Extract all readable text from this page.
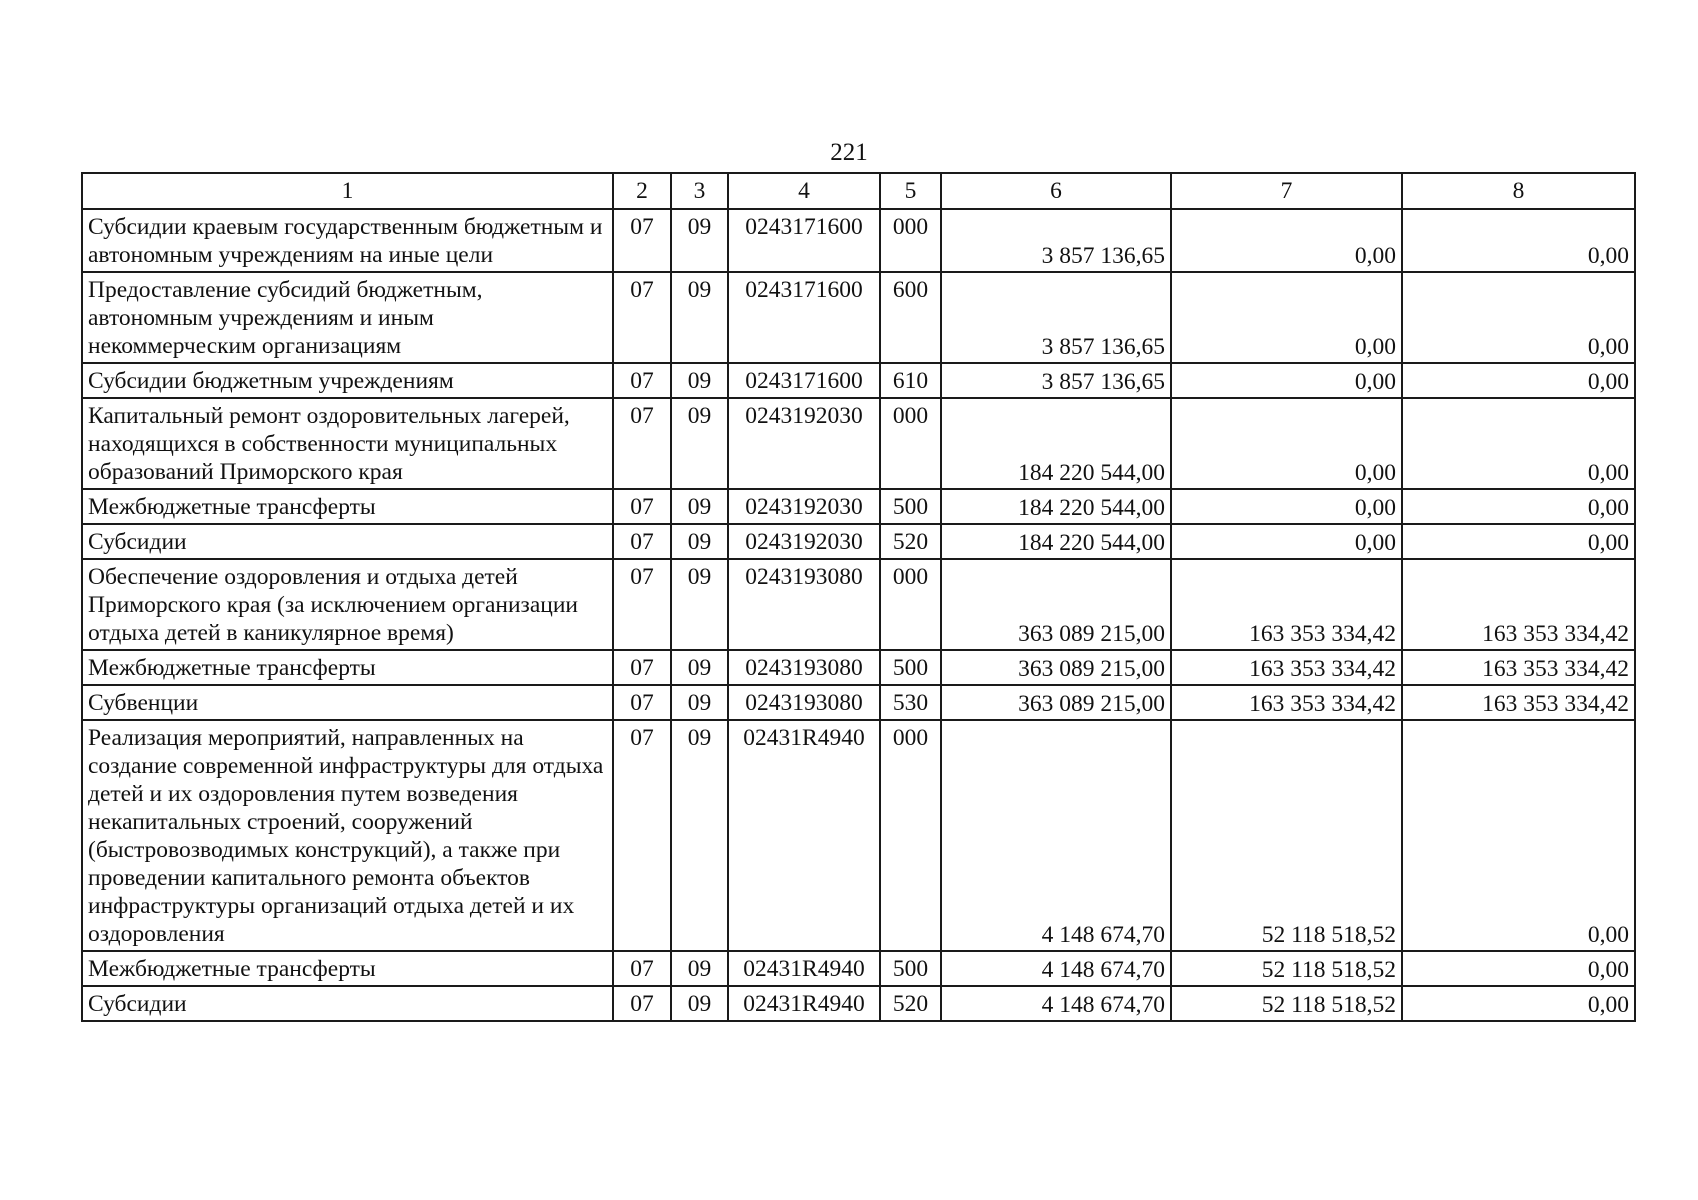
221
1	2	3	4	5	6	7	8
Субсидии краевым государственным бюджетным и автономным учреждениям на иные цели	07	09	0243171600	000	3 857 136,65	0,00	0,00
Предоставление субсидий бюджетным, автономным учреждениям и иным некоммерческим организациям	07	09	0243171600	600	3 857 136,65	0,00	0,00
Субсидии бюджетным учреждениям	07	09	0243171600	610	3 857 136,65	0,00	0,00
Капитальный ремонт оздоровительных лагерей, находящихся в собственности муниципальных образований Приморского края	07	09	0243192030	000	184 220 544,00	0,00	0,00
Межбюджетные трансферты	07	09	0243192030	500	184 220 544,00	0,00	0,00
Субсидии	07	09	0243192030	520	184 220 544,00	0,00	0,00
Обеспечение оздоровления и отдыха детей Приморского края (за исключением организации отдыха детей в каникулярное время)	07	09	0243193080	000	363 089 215,00	163 353 334,42	163 353 334,42
Межбюджетные трансферты	07	09	0243193080	500	363 089 215,00	163 353 334,42	163 353 334,42
Субвенции	07	09	0243193080	530	363 089 215,00	163 353 334,42	163 353 334,42
Реализация мероприятий, направленных на создание современной инфраструктуры для отдыха детей и их оздоровления путем возведения некапитальных строений, сооружений (быстровозводимых конструкций), а также при проведении капитального ремонта объектов инфраструктуры организаций отдыха детей и их оздоровления	07	09	02431R4940	000	4 148 674,70	52 118 518,52	0,00
Межбюджетные трансферты	07	09	02431R4940	500	4 148 674,70	52 118 518,52	0,00
Субсидии	07	09	02431R4940	520	4 148 674,70	52 118 518,52	0,00
